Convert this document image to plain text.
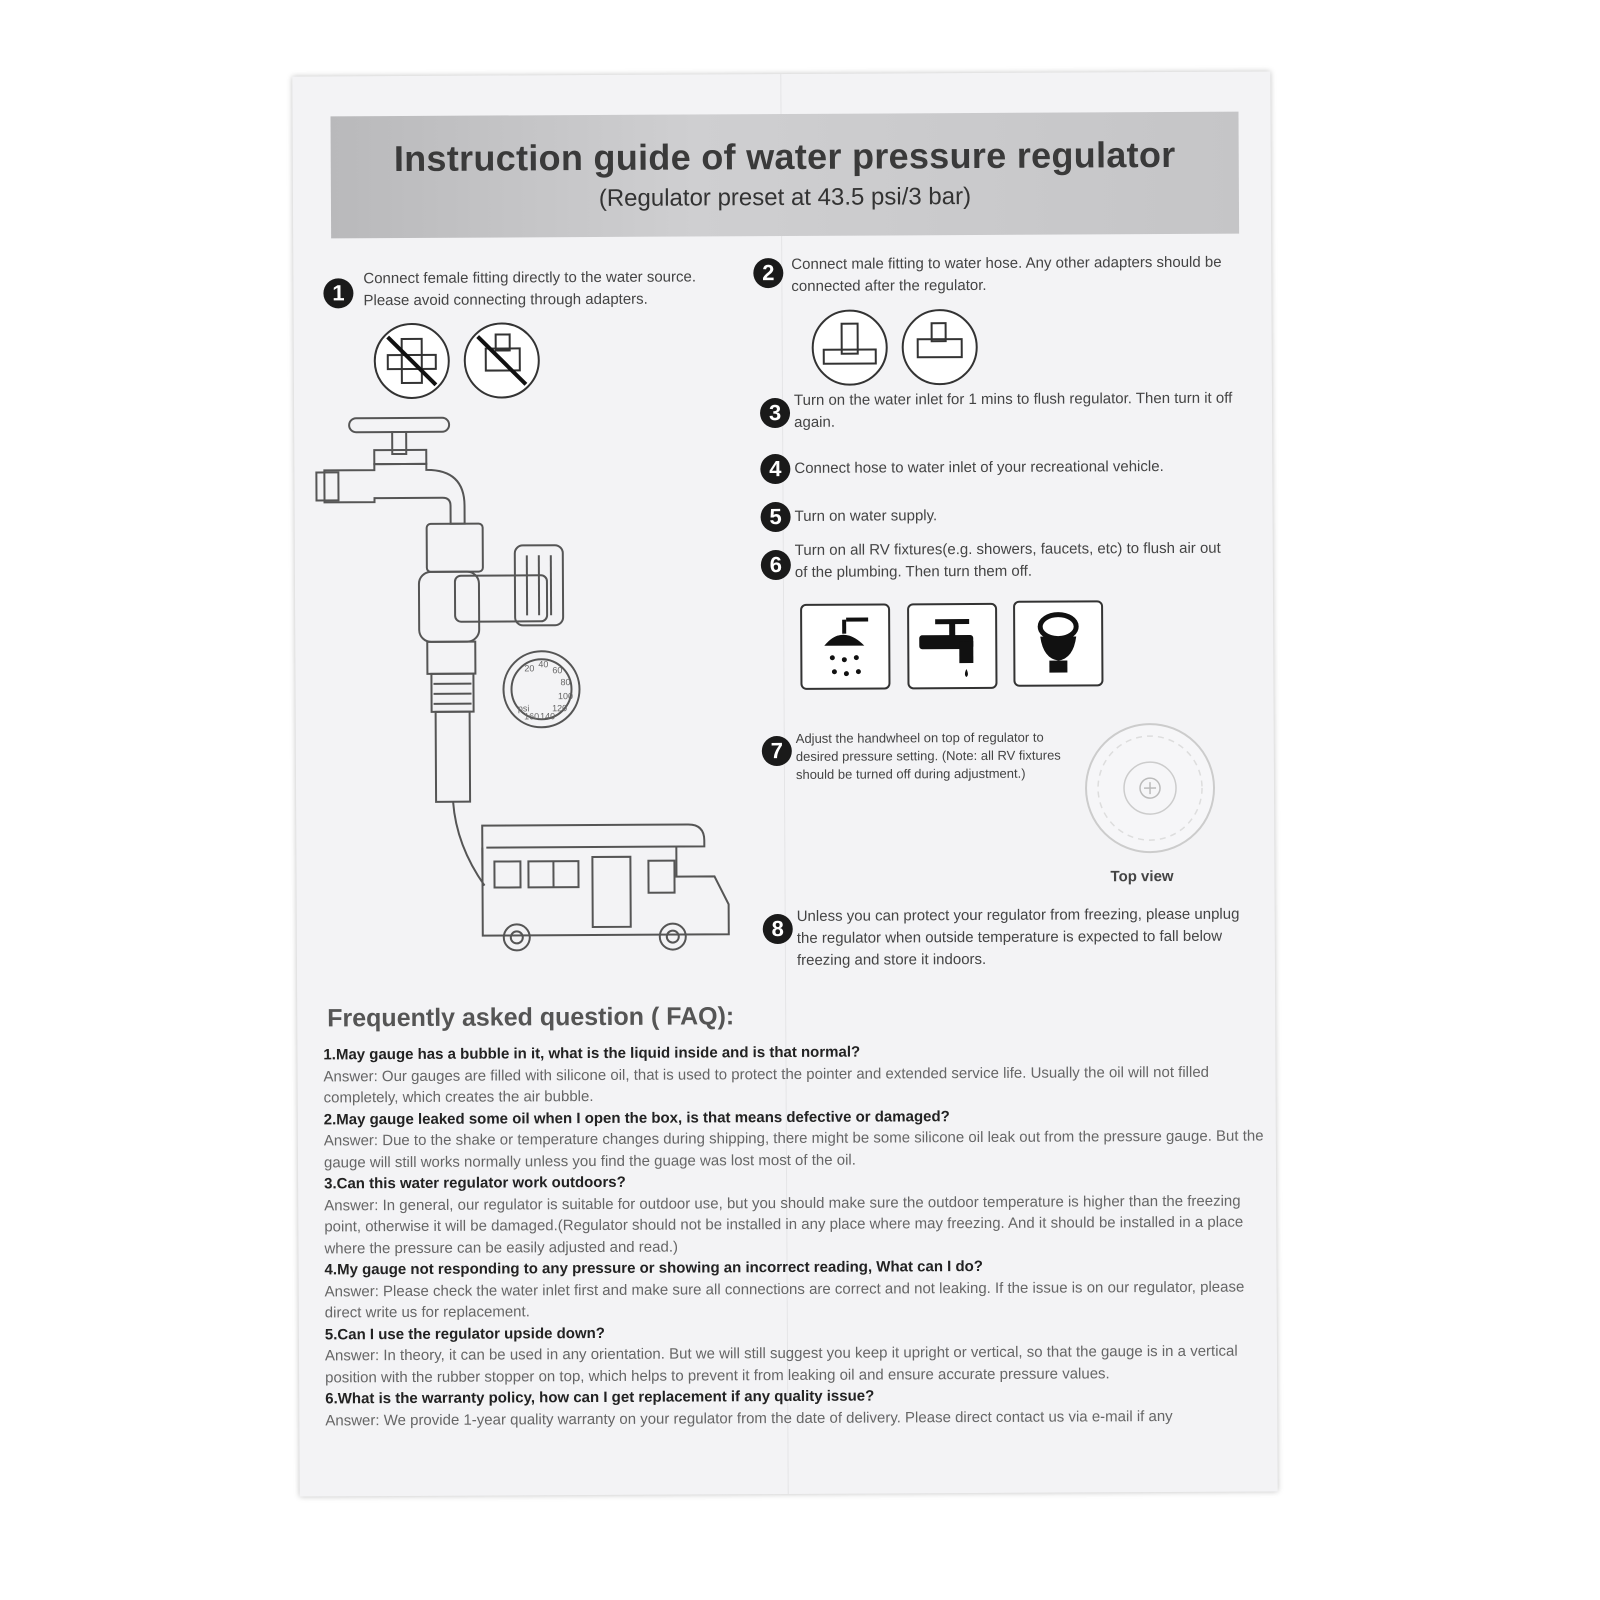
Instruction guide of water pressure regulator
(Regulator preset at 43.5 psi/3 bar)
1
Connect female fitting directly to the water source. Please avoid connecting through adapters.
2	Connect male fitting to water hose. Any other adapters should be connected after the regulator.
3
Turn on the water inlet for 1 mins to flush regulator. Then turn it off again.
4 Connect hose to water inlet of your recreational vehicle.
5 Turn on water supply.
6
Turn on all RV fixtures(e.g. showers, faucets, etc) to flush air out of the plumbing. Then turn them off.
7
Adjust the handwheel on top of regulator to desired pressure setting. (Note: all RV fixtures should be turned off during adjustment.)
Top view
8
Unless you can protect your regulator from freezing, please unplug the regulator when outside temperature is expected to fall below freezing and store it indoors.
psi
20 40
60
80
100
120
140
160
Frequently asked question ( FAQ):

1.May gauge has a bubble in it, what is the liquid inside and is that normal?

Answer: Our gauges are filled with silicone oil, that is used to protect the pointer and extended service life. Usually the oil will not filled completely, which creates the air bubble.

2.May gauge leaked some oil when I open the box, is that means defective or damaged?

Answer: Due to the shake or temperature changes during shipping, there might be some silicone oil leak out from the pressure gauge. But the gauge will still works normally unless you find the guage was lost most of the oil.

3.Can this water regulator work outdoors?

Answer: In general, our regulator is suitable for outdoor use, but you should make sure the outdoor temperature is higher than the freezing point, otherwise it will be damaged.(Regulator should not be installed in any place where may freezing. And it should be installed in a place where the pressure can be easily adjusted and read.)

4.My gauge not responding to any pressure or showing an incorrect reading, What can I do?

Answer: Please check the water inlet first and make sure all connections are correct and not leaking. If the issue is on our regulator, please direct write us for replacement.

5.Can I use the regulator upside down?

Answer: In theory, it can be used in any orientation. But we will still suggest you keep it upright or vertical, so that the gauge is in a vertical position with the rubber stopper on top, which helps to prevent it from leaking oil and ensure accurate pressure values.

6.What is the warranty policy, how can I get replacement if any quality issue?

Answer: We provide 1-year quality warranty on your regulator from the date of delivery. Please direct contact us via e-mail if any
